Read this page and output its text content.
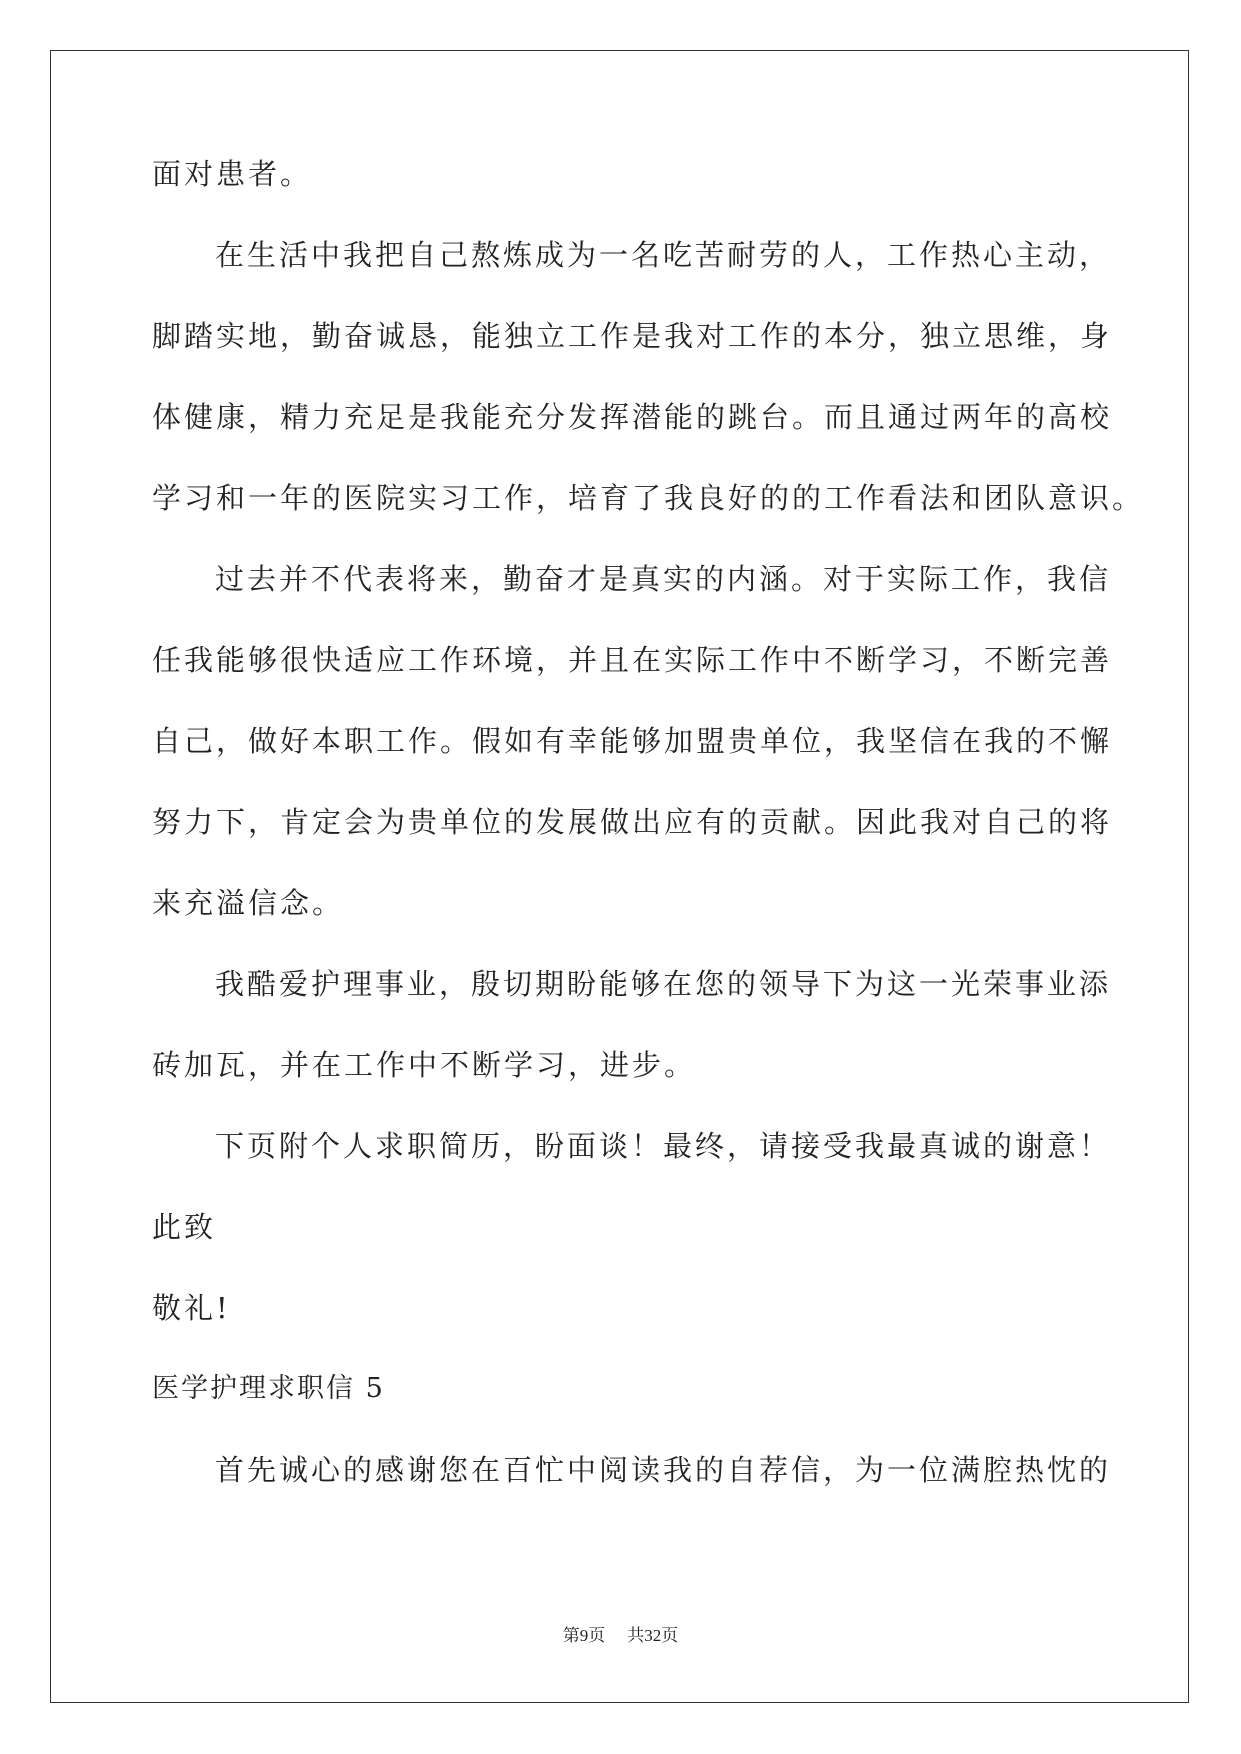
面对患者。
在生活中我把自己熬炼成为一名吃苦耐劳的人，工作热心主动，
脚踏实地，勤奋诚恳，能独立工作是我对工作的本分，独立思维，身
体健康，精力充足是我能充分发挥潜能的跳台。而且通过两年的高校
学习和一年的医院实习工作，培育了我良好的的工作看法和团队意识。
过去并不代表将来，勤奋才是真实的内涵。对于实际工作，我信
任我能够很快适应工作环境，并且在实际工作中不断学习，不断完善
自己，做好本职工作。假如有幸能够加盟贵单位，我坚信在我的不懈
努力下，肯定会为贵单位的发展做出应有的贡献。因此我对自己的将
来充溢信念。
我酷爱护理事业，殷切期盼能够在您的领导下为这一光荣事业添
砖加瓦，并在工作中不断学习，进步。
下页附个人求职简历，盼面谈！最终，请接受我最真诚的谢意！
此致
敬礼!
医学护理求职信 5
首先诚心的感谢您在百忙中阅读我的自荐信，为一位满腔热忱的
第9页 共32页
